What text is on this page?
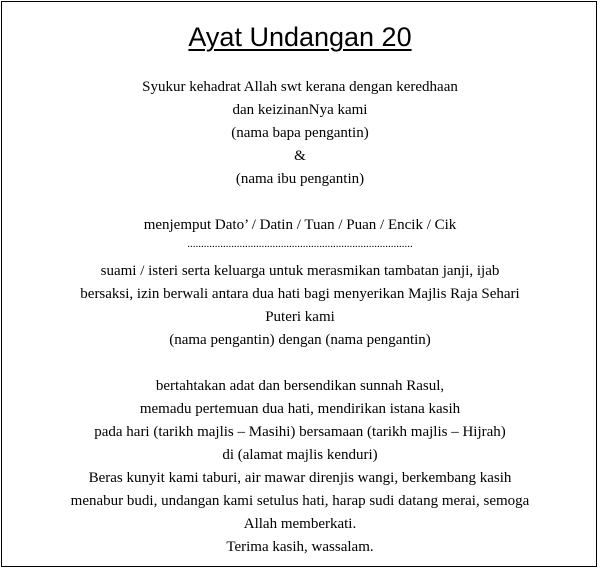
Ayat Undangan 20
Syukur kehadrat Allah swt kerana dengan keredhaan
dan keizinanNya kami
(nama bapa pengantin)
&
(nama ibu pengantin)
menjemput Dato’ / Datin / Tuan / Puan / Encik / Cik
..................................................................................
suami / isteri serta keluarga untuk merasmikan tambatan janji, ijab
bersaksi, izin berwali antara dua hati bagi menyerikan Majlis Raja Sehari
Puteri kami
(nama pengantin) dengan (nama pengantin)
bertahtakan adat dan bersendikan sunnah Rasul,
memadu pertemuan dua hati, mendirikan istana kasih
pada hari (tarikh majlis – Masihi) bersamaan (tarikh majlis – Hijrah)
di (alamat majlis kenduri)
Beras kunyit kami taburi, air mawar direnjis wangi, berkembang kasih
menabur budi, undangan kami setulus hati, harap sudi datang merai, semoga
Allah memberkati.
Terima kasih, wassalam.
